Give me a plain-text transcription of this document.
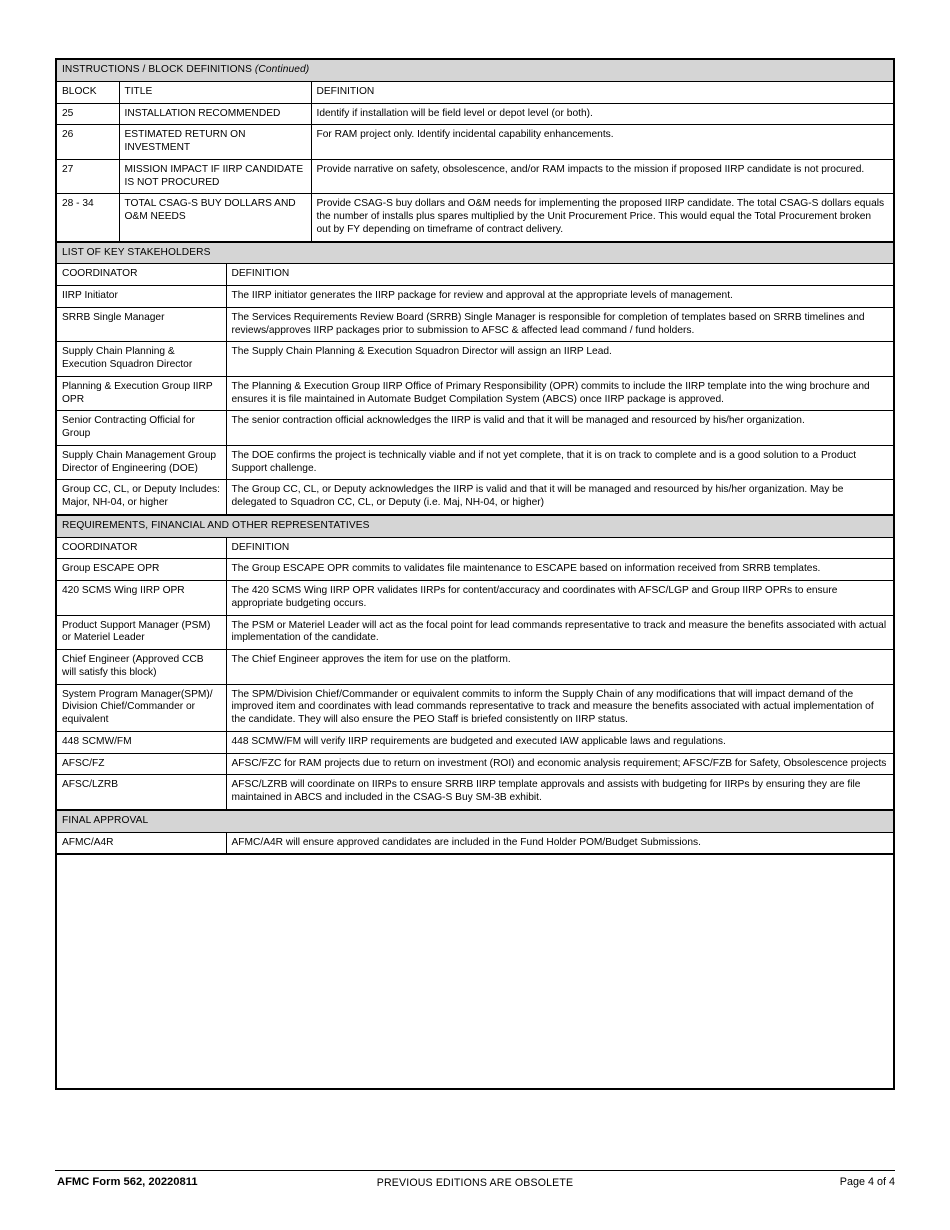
INSTRUCTIONS / BLOCK DEFINITIONS (Continued)		
BLOCK	TITLE	DEFINITION
25	INSTALLATION RECOMMENDED	Identify if installation will be field level or depot level (or both).
26	ESTIMATED RETURN ON INVESTMENT	For RAM project only. Identify incidental capability enhancements.
27	MISSION IMPACT IF IIRP CANDIDATE IS NOT PROCURED	Provide narrative on safety, obsolescence, and/or RAM impacts to the mission if proposed IIRP candidate is not procured.
28 - 34	TOTAL CSAG-S BUY DOLLARS AND O&M NEEDS	Provide CSAG-S buy dollars and O&M needs for implementing the proposed IIRP candidate. The total CSAG-S dollars equals the number of installs plus spares multiplied by the Unit Procurement Price. This would equal the Total Procurement broken out by FY depending on timeframe of contract delivery.
LIST OF KEY STAKEHOLDERS	
COORDINATOR	DEFINITION
IIRP Initiator	The IIRP initiator generates the IIRP package for review and approval at the appropriate levels of management.
SRRB Single Manager	The Services Requirements Review Board (SRRB) Single Manager is responsible for completion of templates based on SRRB timelines and reviews/approves IIRP packages prior to submission to AFSC & affected lead command / fund holders.
Supply Chain Planning & Execution Squadron Director	The Supply Chain Planning & Execution Squadron Director will assign an IIRP Lead.
Planning & Execution Group IIRP OPR	The Planning & Execution Group IIRP Office of Primary Responsibility (OPR) commits to include the IIRP template into the wing brochure and ensures it is file maintained in Automate Budget Compilation System (ABCS) once IIRP package is approved.
Senior Contracting Official for Group	The senior contraction official acknowledges the IIRP is valid and that it will be managed and resourced by his/her organization.
Supply Chain Management Group Director of Engineering (DOE)	The DOE confirms the project is technically viable and if not yet complete, that it is on track to complete and is a good solution to a Product Support challenge.
Group CC, CL, or Deputy Includes: Major, NH-04, or higher	The Group CC, CL, or Deputy acknowledges the IIRP is valid and that it will be managed and resourced by his/her organization. May be delegated to Squadron CC, CL, or Deputy (i.e. Maj, NH-04, or higher)
REQUIREMENTS, FINANCIAL AND OTHER REPRESENTATIVES	
COORDINATOR	DEFINITION
Group ESCAPE OPR	The Group ESCAPE OPR commits to validates file maintenance to ESCAPE based on information received from SRRB templates.
420 SCMS Wing IIRP OPR	The 420 SCMS Wing IIRP OPR validates IIRPs for content/accuracy and coordinates with AFSC/LGP and Group IIRP OPRs to ensure appropriate budgeting occurs.
Product Support Manager (PSM) or Materiel Leader	The PSM or Materiel Leader will act as the focal point for lead commands representative to track and measure the benefits associated with actual implementation of the candidate.
Chief Engineer (Approved CCB will satisfy this block)	The Chief Engineer approves the item for use on the platform.
System Program Manager(SPM)/ Division Chief/Commander or equivalent	The SPM/Division Chief/Commander or equivalent commits to inform the Supply Chain of any modifications that will impact demand of the improved item and coordinates with lead commands representative to track and measure the benefits associated with actual implementation of the candidate. They will also ensure the PEO Staff is briefed consistently on IIRP status.
448 SCMW/FM	448 SCMW/FM will verify IIRP requirements are budgeted and executed IAW applicable laws and regulations.
AFSC/FZ	AFSC/FZC for RAM projects due to return on investment (ROI) and economic analysis requirement; AFSC/FZB for Safety, Obsolescence projects
AFSC/LZRB	AFSC/LZRB will coordinate on IIRPs to ensure SRRB IIRP template approvals and assists with budgeting for IIRPs by ensuring they are file maintained in ABCS and included in the CSAG-S Buy SM-3B exhibit.
FINAL APPROVAL
AFMC/A4R	AFMC/A4R will ensure approved candidates are included in the Fund Holder POM/Budget Submissions.
AFMC Form 562, 20220811	PREVIOUS EDITIONS ARE OBSOLETE	Page 4 of 4
